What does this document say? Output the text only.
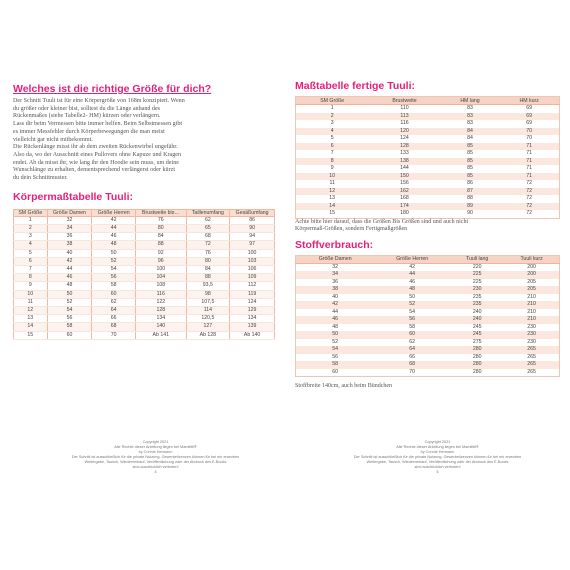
Welches ist die richtige Größe für dich?

Der Schnitt Tuuli ist für eine Körpergröße von 168m konzipiert. Wenn

du größer oder kleiner bist, solltest du die Länge anhand des

Rückenmaßes (siehe Tabelle2- HM) kürzen oder verlängern.

Lass dir beim Vermessen bitte immer helfen. Beim Selbstmessen gibt

es immer Messfehler durch Körperbewegungen die man meist

vielleicht gar nicht mitbekommt.

Die Rückenlänge misst ihr ab dem zweiten Rückenwirbel ungefähr.

Also da, wo der Ausschnitt eines Pullovers ohne Kapuze und Kragen

endet. Ab da misst ihr, wie lang ihr den Hoodie sein muss, um deine

Wunschlänge zu erhalten, dementsprechend verlängerst oder kürzt

du dein Schnittmuster.

Körpermaßtabelle Tuuli:
SM Größe	Größe Damen	Größe Herren	Brustweite bis…	Taillenumfang	Gesäßumfang
1	32	42	76	62	86
2	34	44	80	65	90
3	36	46	84	68	94
4	38	48	88	72	97
5	40	50	92	76	100
6	42	52	96	80	103
7	44	54	100	84	106
8	46	56	104	88	109
9	48	58	108	93,5	112
10	50	60	116	98	119
11	52	62	122	107,5	124
12	54	64	128	114	129
13	56	66	134	120,5	134
14	58	68	140	127	139
15	60	70	Ab 141	Ab 128	Ab 140
Copyright 2021
Alle Rechte dieser Anleitung liegen bei Mamilitti®
by Connie Hermann
Der Schnitt ist ausschließlich für die private Nutzung. Gewerbelizenzen können für bei mir erworben
Weitergabe, Tausch, Wiederverkauf, Veröffentlichung oder der Abdruck des E-Books
sind ausdrücklich verboten!
4
Maßtabelle fertige Tuuli:
SM Größe	Brustweite	HM lang	HM kurz
1	110	83	69
2	113	83	69
3	116	83	69
4	120	84	70
5	124	84	70
6	128	85	71
7	133	85	71
8	138	85	71
9	144	85	71
10	150	85	71
11	156	86	72
12	162	87	72
13	168	88	72
14	174	89	72
15	180	90	72

Achte bitte hier darauf, dass die Größen Bis Größen sind und auch nicht

Körpermaß-Größen, sondern Fertigmaßgrößen

Stoffverbrauch:
Größe Damen	Größe Herren	Tuuli lang	Tuuli kurz
32	42	220	200
34	44	225	200
36	46	225	205
38	48	230	205
40	50	235	210
42	52	235	210
44	54	240	210
46	56	240	210
48	58	245	230
50	60	245	230
52	62	275	230
54	64	280	265
56	66	280	265
58	68	280	265
60	70	280	265

Stoffbreite 140cm, auch beim Bündchen

Copyright 2021
Alle Rechte dieser Anleitung liegen bei Mamilitti®
by Connie Hermann
Der Schnitt ist ausschließlich für die private Nutzung. Gewerbelizenzen können für bei mir erworben
Weitergabe, Tausch, Wiederverkauf, Veröffentlichung oder der Abdruck des E-Books
sind ausdrücklich verboten!
5
